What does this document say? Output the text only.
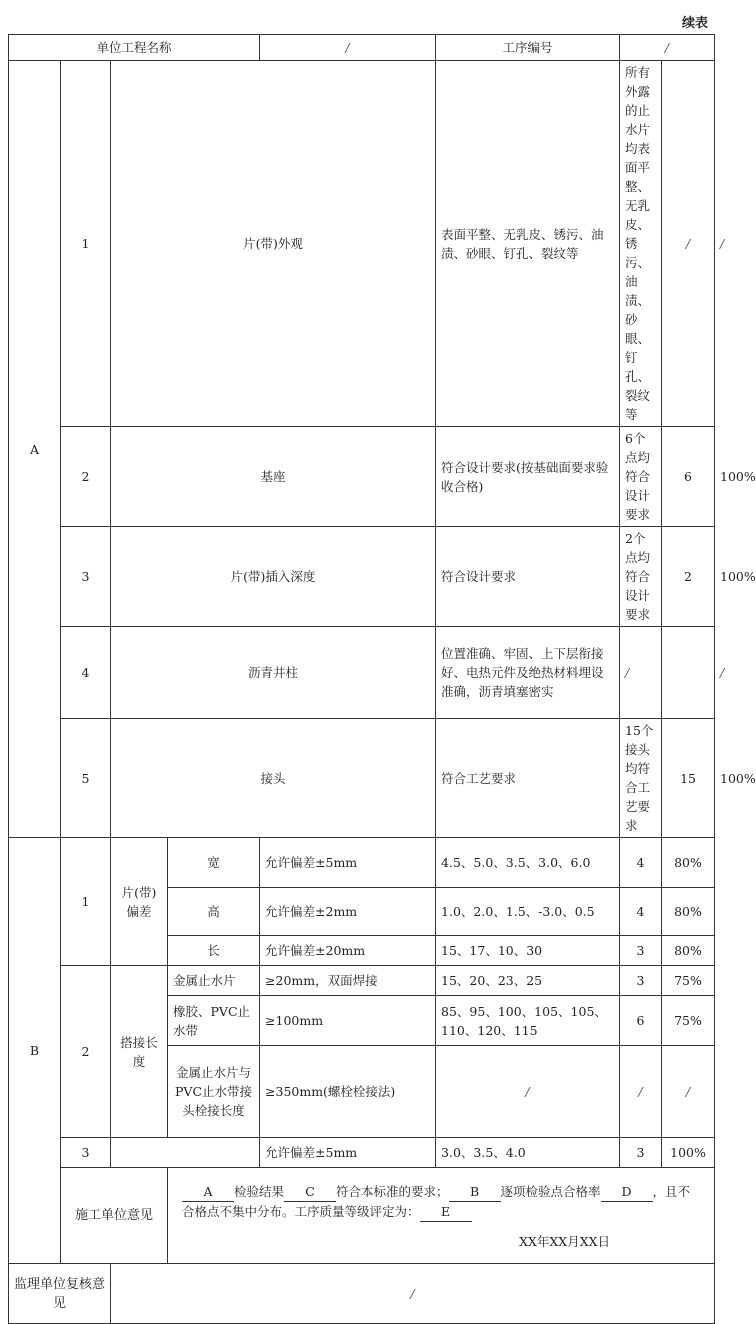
续表
单位工程名称				/	工序编号	/		
A	1	片(带)外观			表面平整、无乳皮、锈污、油渍、砂眼、钉孔、裂纹等	所有外露的止水片均表面平整、无乳皮、锈污、油渍、砂眼、钉孔、裂纹等	/	/
	2	基座			符合设计要求(按基础面要求验收合格)	6个点均符合设计要求	6	100%
	3	片(带)插入深度			符合设计要求	2个点均符合设计要求	2	100%
	4	沥青井柱			位置准确、牢固、上下层衔接好、电热元件及绝热材料埋设准确，沥青填塞密实	/		/
	5	接头			符合工艺要求	15个接头均符合工艺要求	15	100%
B	1	片(带)偏差	宽	允许偏差±5mm	4.5、5.0、3.5、3.0、6.0	4	80%	
			高	允许偏差±2mm	1.0、2.0、1.5、-3.0、0.5	4	80%	
			长	允许偏差±20mm	15、17、10、30	3	80%	
	2	搭接长度	金属止水片	≥20mm，双面焊接	15、20、23、25	3	75%	
			橡胶、PVC止水带	≥100mm	85、95、100、105、105、110、120、115	6	75%	
			金属止水片与PVC止水带接头栓接长度	≥350mm(螺栓栓接法)	/	/	/	
	3			允许偏差±5mm	3.0、3.5、4.0	3	100%	
	施工单位意见		A 检验结果 C 符合本标准的要求； B 逐项检验点合格率 D ，且不合格点不集中分布。工序质量等级评定为： E
XX年XX月XX日					

监理单位复核意见		/						
